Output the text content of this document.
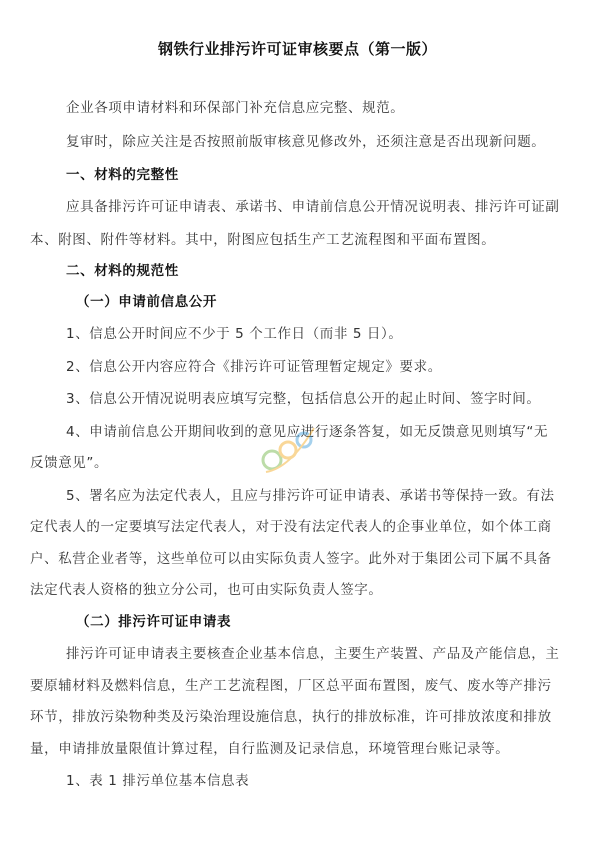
钢铁行业排污许可证审核要点（第一版）
企业各项申请材料和环保部门补充信息应完整、规范。
复审时，除应关注是否按照前版审核意见修改外，还须注意是否出现新问题。
一、材料的完整性
应具备排污许可证申请表、承诺书、申请前信息公开情况说明表、排污许可证副
本、附图、附件等材料。其中，附图应包括生产工艺流程图和平面布置图。
二、材料的规范性
（一）申请前信息公开
1、信息公开时间应不少于 5 个工作日（而非 5 日）。
2、信息公开内容应符合《排污许可证管理暂定规定》要求。
3、信息公开情况说明表应填写完整，包括信息公开的起止时间、签字时间。
4、申请前信息公开期间收到的意见应进行逐条答复，如无反馈意见则填写“无
反馈意见”。
5、署名应为法定代表人，且应与排污许可证申请表、承诺书等保持一致。有法
定代表人的一定要填写法定代表人，对于没有法定代表人的企事业单位，如个体工商
户、私营企业者等，这些单位可以由实际负责人签字。此外对于集团公司下属不具备
法定代表人资格的独立分公司，也可由实际负责人签字。
（二）排污许可证申请表
排污许可证申请表主要核查企业基本信息，主要生产装置、产品及产能信息，主
要原辅材料及燃料信息，生产工艺流程图，厂区总平面布置图，废气、废水等产排污
环节，排放污染物种类及污染治理设施信息，执行的排放标准，许可排放浓度和排放
量，申请排放量限值计算过程，自行监测及记录信息，环境管理台账记录等。
1、表 1 排污单位基本信息表
